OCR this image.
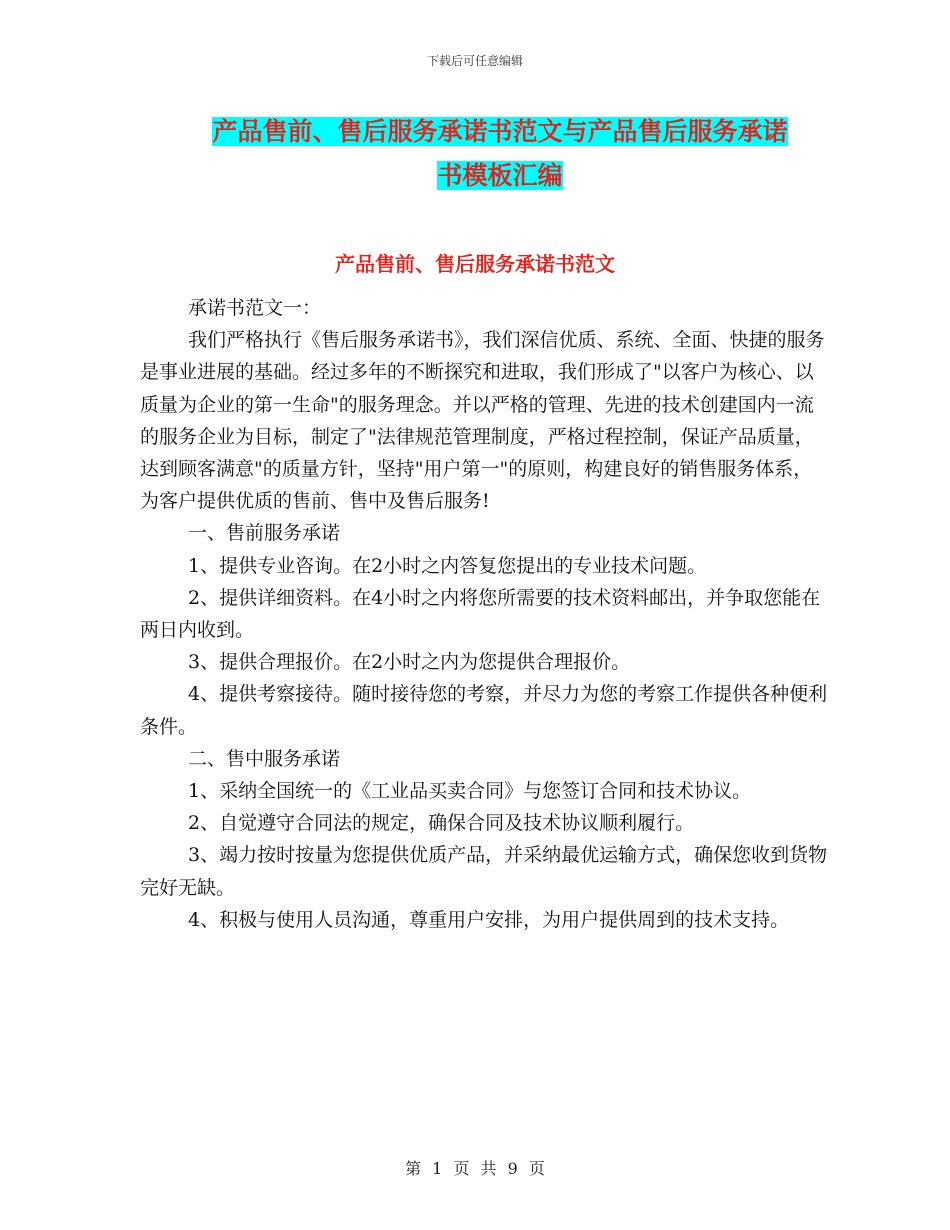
下载后可任意编辑
产品售前、售后服务承诺书范文与产品售后服务承诺
书模板汇编
产品售前、售后服务承诺书范文

承诺书范文一：

我们严格执行《售后服务承诺书》，我们深信优质、系统、全面、快捷的服务是事业进展的基础。经过多年的不断探究和进取，我们形成了"以客户为核心、以质量为企业的第一生命"的服务理念。并以严格的管理、先进的技术创建国内一流的服务企业为目标，制定了"法律规范管理制度，严格过程控制，保证产品质量，达到顾客满意"的质量方针，坚持"用户第一"的原则，构建良好的销售服务体系，为客户提供优质的售前、售中及售后服务!

一、售前服务承诺

1、提供专业咨询。在2小时之内答复您提出的专业技术问题。

2、提供详细资料。在4小时之内将您所需要的技术资料邮出，并争取您能在两日内收到。

3、提供合理报价。在2小时之内为您提供合理报价。

4、提供考察接待。随时接待您的考察，并尽力为您的考察工作提供各种便利条件。

二、售中服务承诺

1、采纳全国统一的《工业品买卖合同》与您签订合同和技术协议。

2、自觉遵守合同法的规定，确保合同及技术协议顺利履行。

3、竭力按时按量为您提供优质产品，并采纳最优运输方式，确保您收到货物完好无缺。

4、积极与使用人员沟通，尊重用户安排，为用户提供周到的技术支持。

第 1 页 共 9 页
